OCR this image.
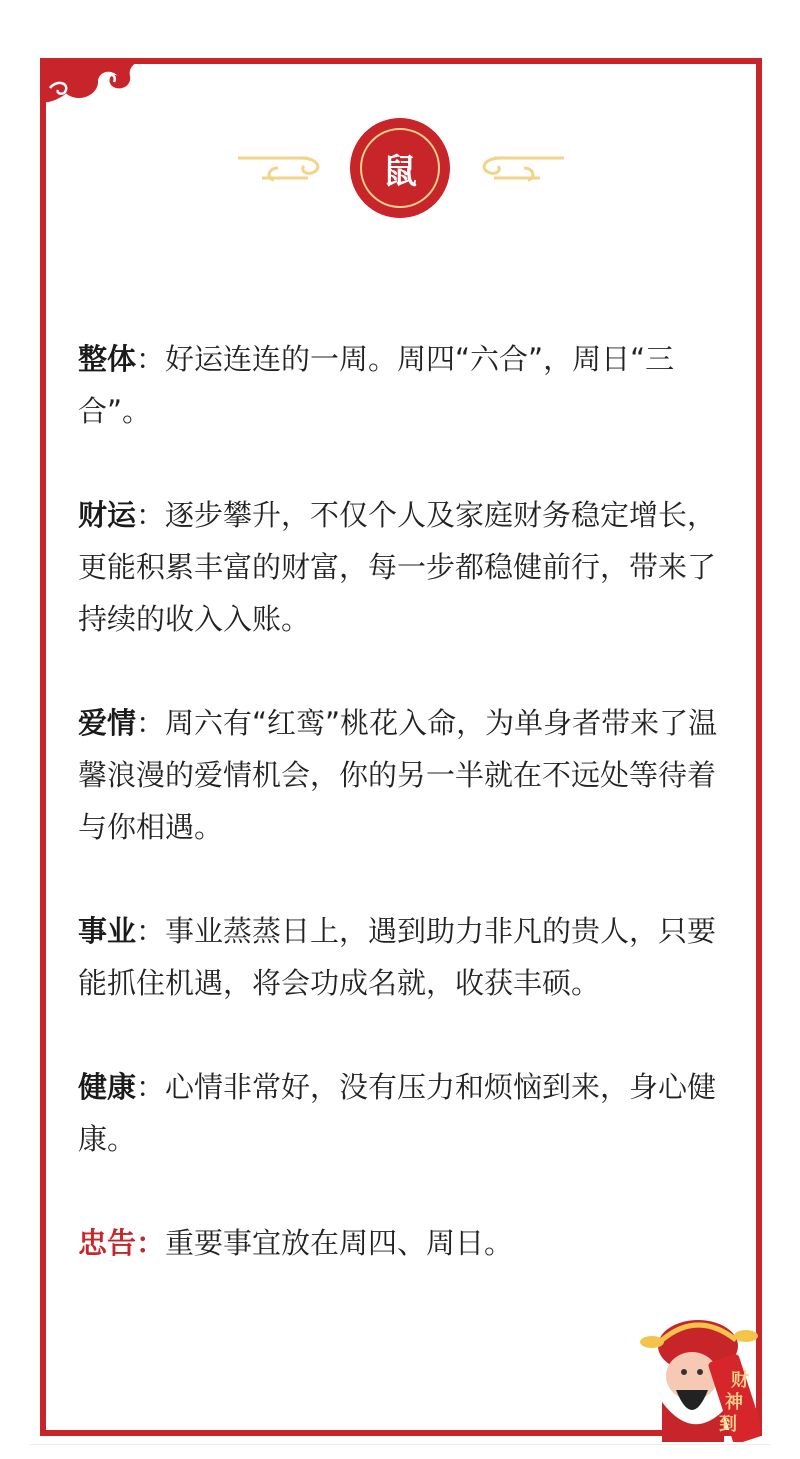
鼠

整体：好运连连的一周。周四“六合”，周日“三合”。

财运：逐步攀升，不仅个人及家庭财务稳定增长，更能积累丰富的财富，每一步都稳健前行，带来了持续的收入入账。

爱情：周六有“红鸾”桃花入命，为单身者带来了温馨浪漫的爱情机会，你的另一半就在不远处等待着与你相遇。

事业：事业蒸蒸日上，遇到助力非凡的贵人，只要能抓住机遇，将会功成名就，收获丰硕。

健康：心情非常好，没有压力和烦恼到来，身心健康。

忠告：重要事宜放在周四、周日。

财
神
到
